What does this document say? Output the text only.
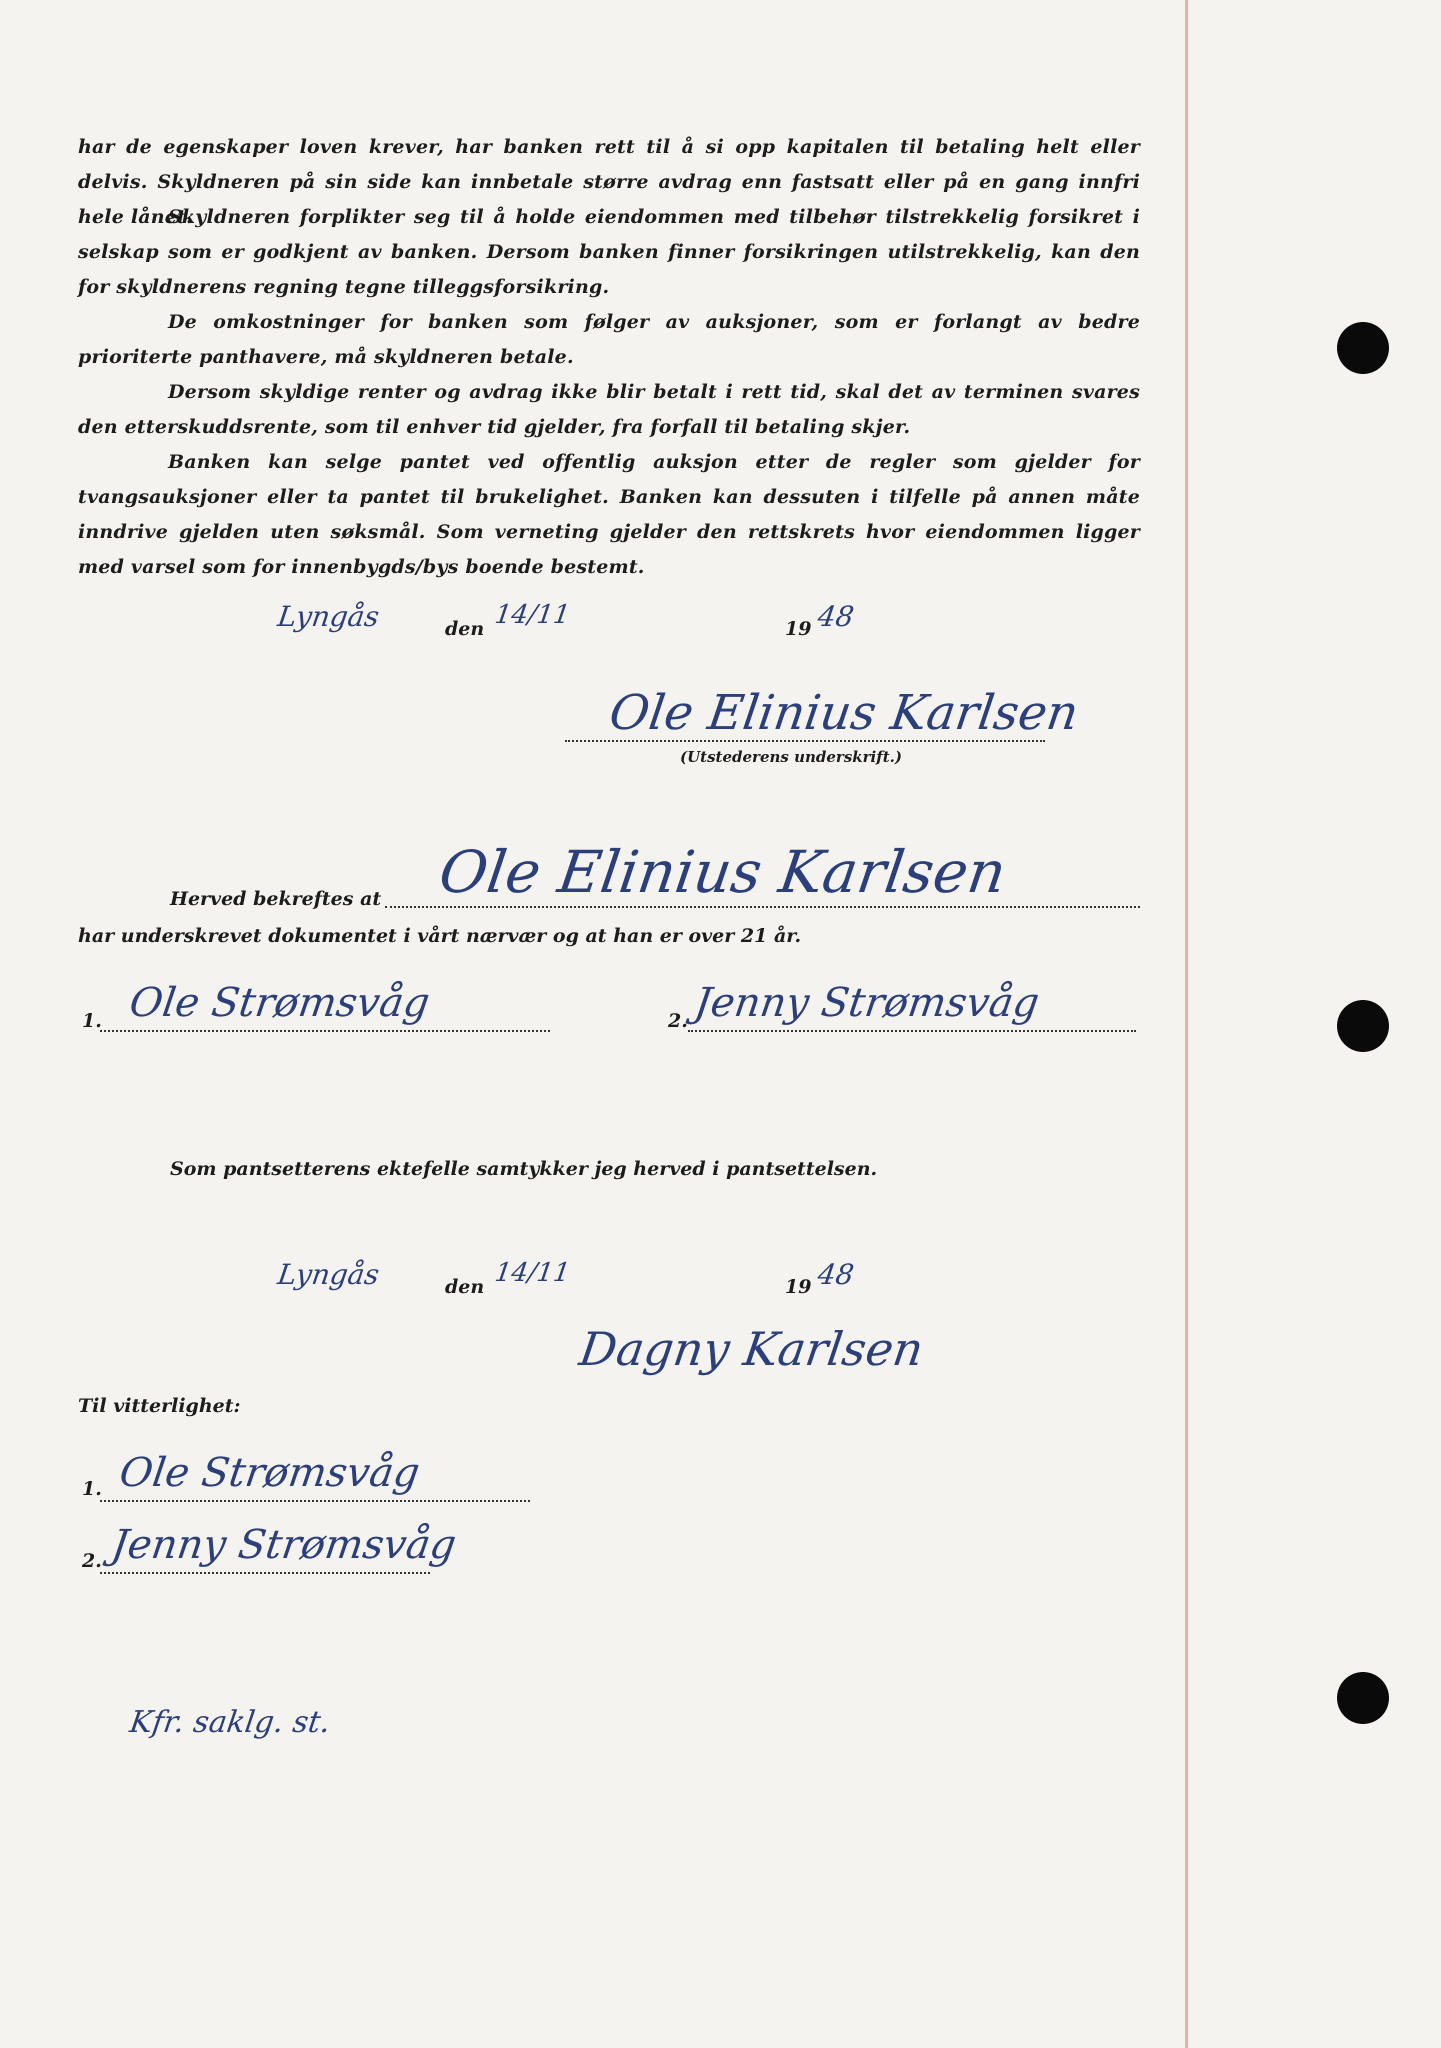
har de egenskaper loven krever, har banken rett til å si opp kapitalen til betaling helt eller delvis. Skyldneren på sin side kan innbetale større avdrag enn fastsatt eller på en gang innfri hele lånet.

Skyldneren forplikter seg til å holde eiendommen med tilbehør tilstrekkelig forsikret i selskap som er godkjent av banken. Dersom banken finner forsikringen utilstrekkelig, kan den for skyldnerens regning tegne tilleggsforsikring.

De omkostninger for banken som følger av auksjoner, som er forlangt av bedre prioriterte panthavere, må skyldneren betale.

Dersom skyldige renter og avdrag ikke blir betalt i rett tid, skal det av terminen svares den etterskuddsrente, som til enhver tid gjelder, fra forfall til betaling skjer.

Banken kan selge pantet ved offentlig auksjon etter de regler som gjelder for tvangsauksjoner eller ta pantet til brukelighet. Banken kan dessuten i tilfelle på annen måte inndrive gjelden uten søksmål. Som verneting gjelder den rettskrets hvor eiendommen ligger med varsel som for innenbygds/bys boende bestemt.

Lyngås	den 14/11	19 48
Ole Elinius Karlsen
(Utstederens underskrift.)
Herved bekreftes at Ole Elinius Karlsen
har underskrevet dokumentet i vårt nærvær og at han er over 21 år.
1. Ole Strømsvåg	2. Jenny Strømsvåg
Som pantsetterens ektefelle samtykker jeg herved i pantsettelsen.
Lyngås	den 14/11	19 48
Dagny Karlsen
Til vitterlighet:
1. Ole Strømsvåg
2. Jenny Strømsvåg
Kfr. saklg. st.
